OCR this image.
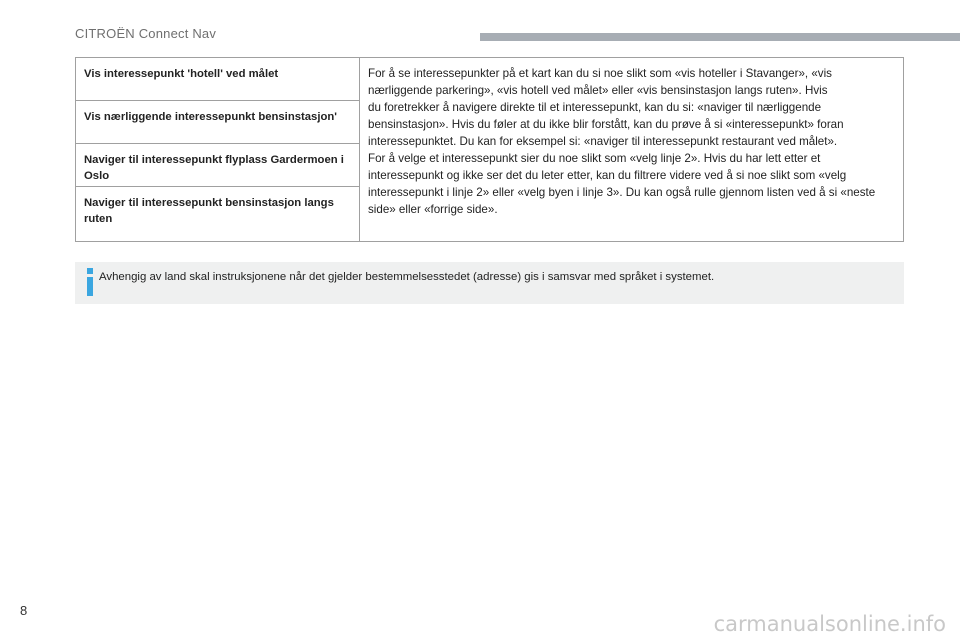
CITROËN Connect Nav
Vis interessepunkt 'hotell' ved målet	For å se interessepunkter på et kart kan du si noe slikt som «vis hoteller i Stavanger», «vis
nærliggende parkering», «vis hotell ved målet» eller «vis bensinstasjon langs ruten». Hvis
du foretrekker å navigere direkte til et interessepunkt, kan du si: «naviger til nærliggende
bensinstasjon». Hvis du føler at du ikke blir forstått, kan du prøve å si «interessepunkt» foran
interessepunktet. Du kan for eksempel si: «naviger til interessepunkt restaurant ved målet».
For å velge et interessepunkt sier du noe slikt som «velg linje 2». Hvis du har lett etter et
interessepunkt og ikke ser det du leter etter, kan du filtrere videre ved å si noe slikt som «velg
interessepunkt i linje 2» eller «velg byen i linje 3». Du kan også rulle gjennom listen ved å si «neste
side» eller «forrige side».

Vis nærliggende interessepunkt bensinstasjon'
Naviger til interessepunkt flyplass Gardermoen i Oslo
Naviger til interessepunkt bensinstasjon langs ruten
Avhengig av land skal instruksjonene når det gjelder bestemmelsesstedet (adresse) gis i samsvar med språket i systemet.
8
carmanualsonline.info
